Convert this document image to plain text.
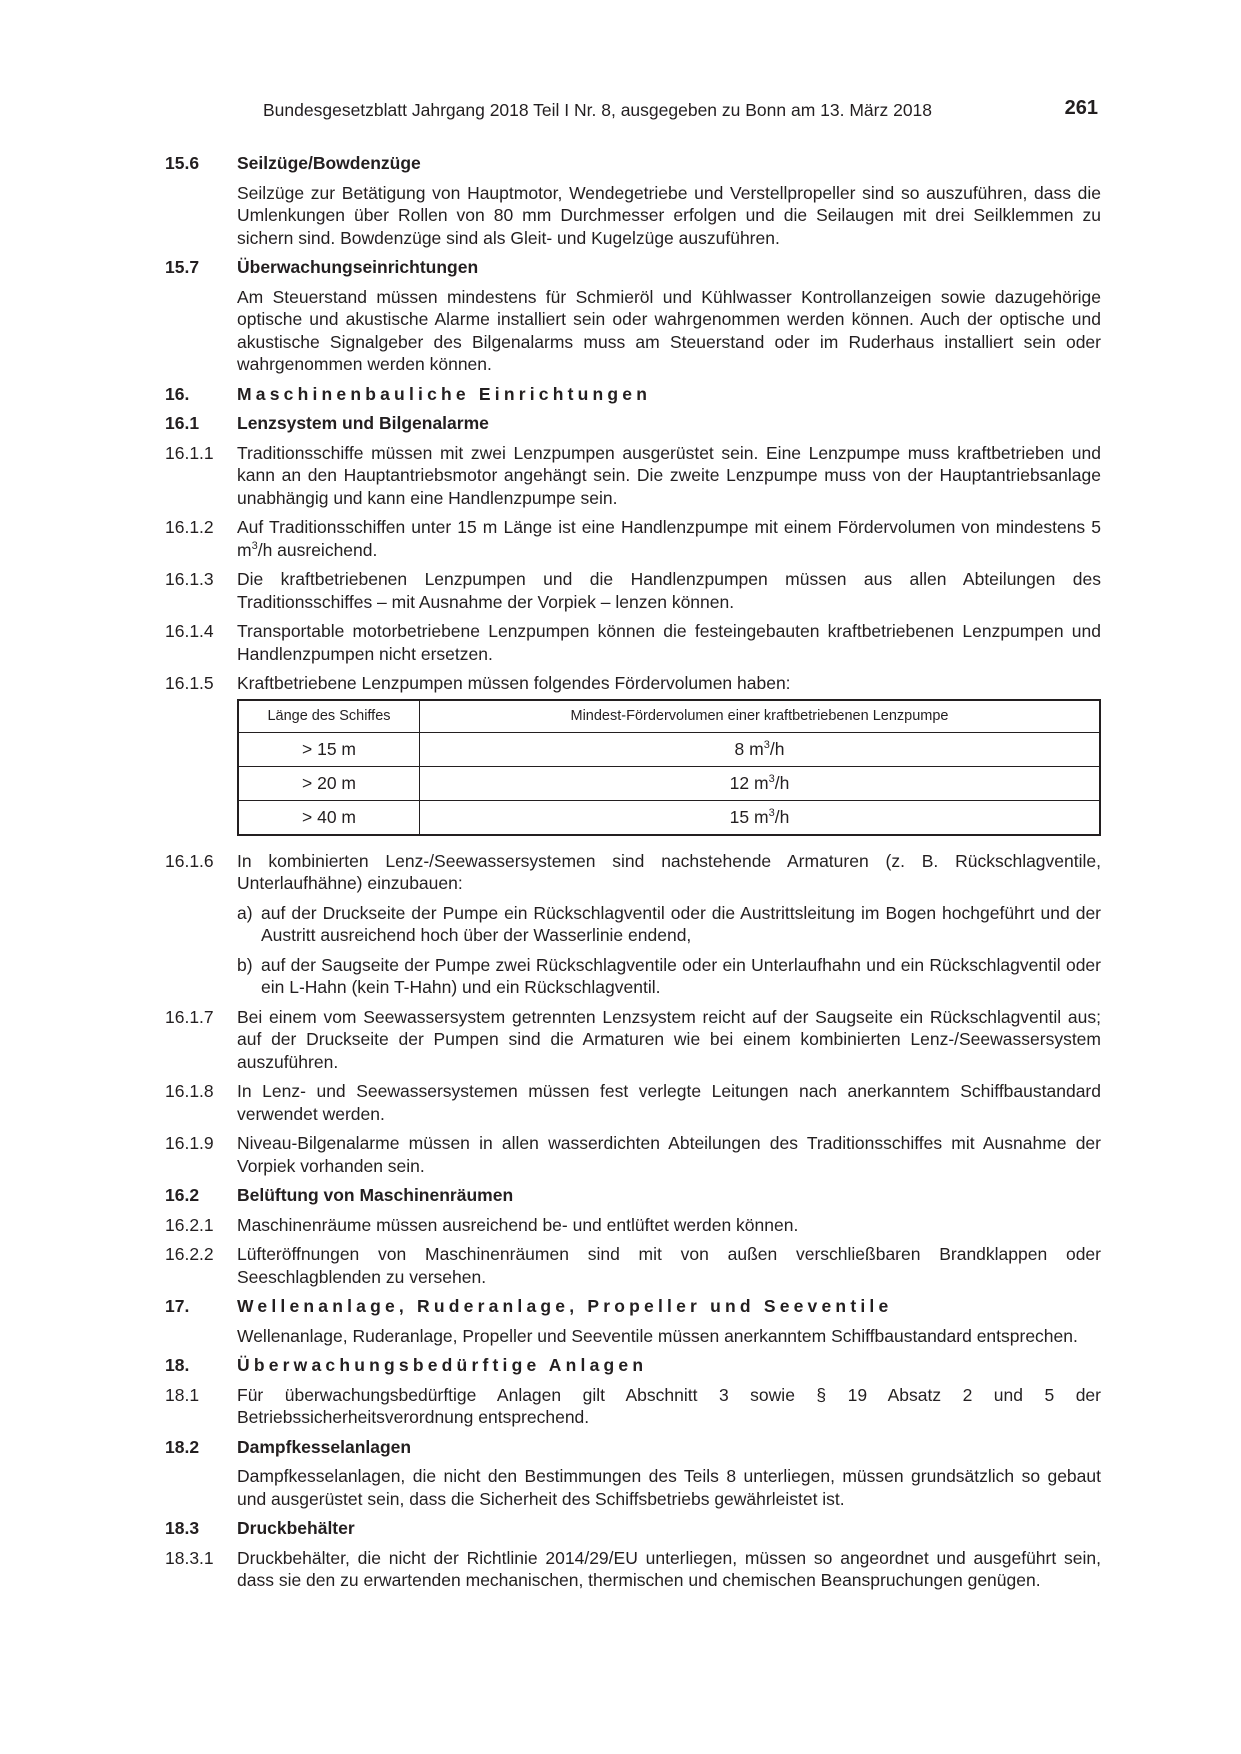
Bundesgesetzblatt Jahrgang 2018 Teil I Nr. 8, ausgegeben zu Bonn am 13. März 2018	261
15.6 Seilzüge/Bowdenzüge
Seilzüge zur Betätigung von Hauptmotor, Wendegetriebe und Verstellpropeller sind so auszuführen, dass die Umlenkungen über Rollen von 80 mm Durchmesser erfolgen und die Seilaugen mit drei Seilklemmen zu sichern sind. Bowdenzüge sind als Gleit- und Kugelzüge auszuführen.
15.7 Überwachungseinrichtungen
Am Steuerstand müssen mindestens für Schmieröl und Kühlwasser Kontrollanzeigen sowie dazugehörige optische und akustische Alarme installiert sein oder wahrgenommen werden können. Auch der optische und akustische Signalgeber des Bilgenalarms muss am Steuerstand oder im Ruderhaus installiert sein oder wahrgenommen werden können.
16.	Maschinenbauliche Einrichtungen
16.1 Lenzsystem und Bilgenalarme
16.1.1 Traditionsschiffe müssen mit zwei Lenzpumpen ausgerüstet sein. Eine Lenzpumpe muss kraftbetrieben und kann an den Hauptantriebsmotor angehängt sein. Die zweite Lenzpumpe muss von der Hauptantriebsanlage unabhängig und kann eine Handlenzpumpe sein.
16.1.2 Auf Traditionsschiffen unter 15 m Länge ist eine Handlenzpumpe mit einem Fördervolumen von mindestens 5 $m^3/h$ ausreichend.
16.1.3 Die kraftbetriebenen Lenzpumpen und die Handlenzpumpen müssen aus allen Abteilungen des Traditionsschiffes – mit Ausnahme der Vorpiek – lenzen können.
16.1.4 Transportable motorbetriebene Lenzpumpen können die festeingebauten kraftbetriebenen Lenzpumpen und Handlenzpumpen nicht ersetzen.
16.1.5 Kraftbetriebene Lenzpumpen müssen folgendes Fördervolumen haben:
Länge des Schiffes	Mindest-Fördervolumen einer kraftbetriebenen Lenzpumpe
> 15 m	8 $m^3/h$
> 20 m	12 $m^3/h$
> 40 m	15 $m^3/h$
16.1.6 In kombinierten Lenz-/Seewassersystemen sind nachstehende Armaturen (z. B. Rückschlagventile, Unterlaufhähne) einzubauen:
a) auf der Druckseite der Pumpe ein Rückschlagventil oder die Austrittsleitung im Bogen hochgeführt und der Austritt ausreichend hoch über der Wasserlinie endend,
b) auf der Saugseite der Pumpe zwei Rückschlagventile oder ein Unterlaufhahn und ein Rückschlagventil oder ein L-Hahn (kein T-Hahn) und ein Rückschlagventil.
16.1.7 Bei einem vom Seewassersystem getrennten Lenzsystem reicht auf der Saugseite ein Rückschlagventil aus; auf der Druckseite der Pumpen sind die Armaturen wie bei einem kombinierten Lenz-/Seewassersystem auszuführen.
16.1.8 In Lenz- und Seewassersystemen müssen fest verlegte Leitungen nach anerkanntem Schiffbaustandard verwendet werden.
16.1.9 Niveau-Bilgenalarme müssen in allen wasserdichten Abteilungen des Traditionsschiffes mit Ausnahme der Vorpiek vorhanden sein.
16.2 Belüftung von Maschinenräumen
16.2.1 Maschinenräume müssen ausreichend be- und entlüftet werden können.
16.2.2 Lüfteröffnungen von Maschinenräumen sind mit von außen verschließbaren Brandklappen oder Seeschlagblenden zu versehen.
17.	Wellenanlage, Ruderanlage, Propeller und Seeventile
Wellenanlage, Ruderanlage, Propeller und Seeventile müssen anerkanntem Schiffbaustandard entsprechen.
18.	Überwachungsbedürftige Anlagen
18.1 Für überwachungsbedürftige Anlagen gilt Abschnitt 3 sowie § 19 Absatz 2 und 5 der Betriebssicherheitsverordnung entsprechend.
18.2 Dampfkesselanlagen
Dampfkesselanlagen, die nicht den Bestimmungen des Teils 8 unterliegen, müssen grundsätzlich so gebaut und ausgerüstet sein, dass die Sicherheit des Schiffsbetriebs gewährleistet ist.
18.3 Druckbehälter
18.3.1 Druckbehälter, die nicht der Richtlinie 2014/29/EU unterliegen, müssen so angeordnet und ausgeführt sein, dass sie den zu erwartenden mechanischen, thermischen und chemischen Beanspruchungen genügen.
